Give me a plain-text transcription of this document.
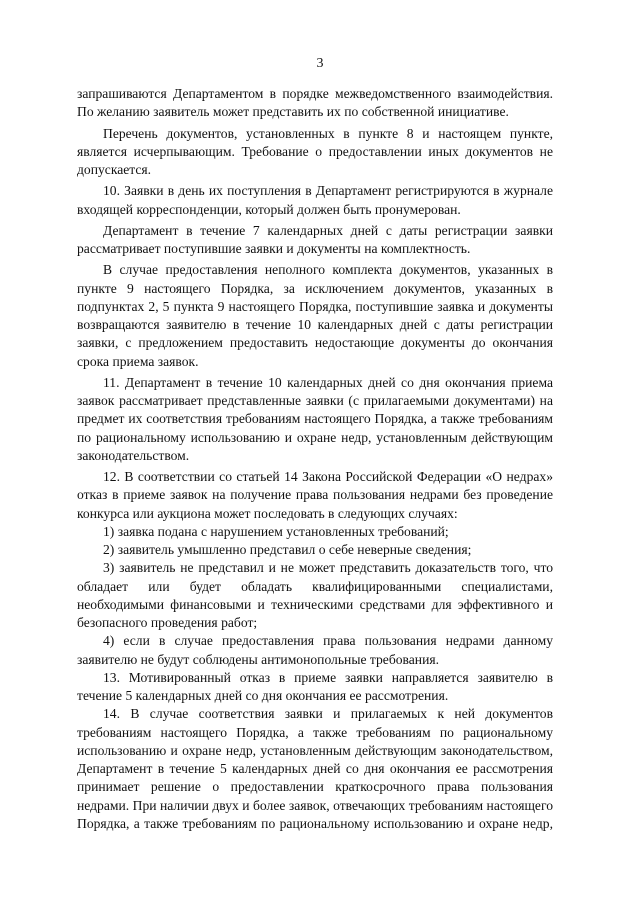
3

запрашиваются Департаментом в порядке межведомственного взаимодействия. По желанию заявитель может представить их по собственной инициативе.

Перечень документов, установленных в пункте 8 и настоящем пункте, является исчерпывающим. Требование о предоставлении иных документов не допускается.

10. Заявки в день их поступления в Департамент регистрируются в журнале входящей корреспонденции, который должен быть пронумерован.

Департамент в течение 7 календарных дней с даты регистрации заявки рассматривает поступившие заявки и документы на комплектность.

В случае предоставления неполного комплекта документов, указанных в пункте 9 настоящего Порядка, за исключением документов, указанных в подпунктах 2, 5 пункта 9 настоящего Порядка, поступившие заявка и документы возвращаются заявителю в течение 10 календарных дней с даты регистрации заявки, с предложением предоставить недостающие документы до окончания срока приема заявок.

11. Департамент в течение 10 календарных дней со дня окончания приема заявок рассматривает представленные заявки (с прилагаемыми документами) на предмет их соответствия требованиям настоящего Порядка, а также требованиям по рациональному использованию и охране недр, установленным действующим законодательством.

12. В соответствии со статьей 14 Закона Российской Федерации «О недрах» отказ в приеме заявок на получение права пользования недрами без проведение конкурса или аукциона может последовать в следующих случаях:

1) заявка подана с нарушением установленных требований;

2) заявитель умышленно представил о себе неверные сведения;

3) заявитель не представил и не может представить доказательств того, что обладает или будет обладать квалифицированными специалистами, необходимыми финансовыми и техническими средствами для эффективного и безопасного проведения работ;

4) если в случае предоставления права пользования недрами данному заявителю не будут соблюдены антимонопольные требования.

13. Мотивированный отказ в приеме заявки направляется заявителю в течение 5 календарных дней со дня окончания ее рассмотрения.

14. В случае соответствия заявки и прилагаемых к ней документов требованиям настоящего Порядка, а также требованиям по рациональному использованию и охране недр, установленным действующим законодательством, Департамент в течение 5 календарных дней со дня окончания ее рассмотрения принимает решение о предоставлении краткосрочного права пользования недрами. При наличии двух и более заявок, отвечающих требованиям настоящего Порядка, а также требованиям по рациональному использованию и охране недр,
